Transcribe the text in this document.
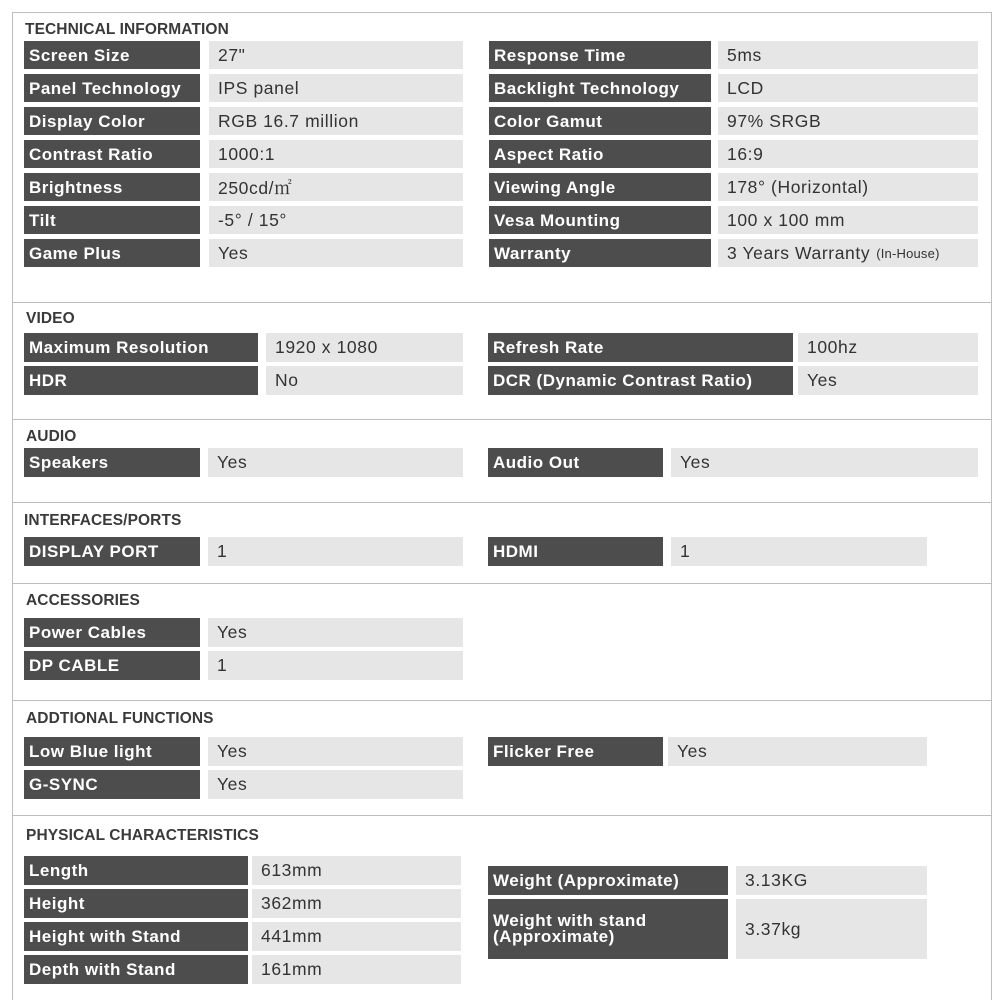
TECHNICAL INFORMATION
Screen Size	27"
Panel Technology	IPS panel
Display Color	RGB 16.7 million
Contrast Ratio	1000:1
Brightness	250cd/㎡
Tilt	-5° / 15°
Game Plus	Yes
Response Time	5ms
Backlight Technology	LCD
Color Gamut	97% SRGB
Aspect Ratio	16:9
Viewing Angle	178° (Horizontal)
Vesa Mounting	100 x 100 mm
Warranty	3 Years Warranty (In-House)
VIDEO
Maximum Resolution	1920 x 1080
HDR	No
Refresh Rate	100hz
DCR (Dynamic Contrast Ratio)	Yes
AUDIO
Speakers	Yes	Audio Out	Yes
INTERFACES/PORTS
DISPLAY PORT	1	HDMI	1
ACCESSORIES
Power Cables	Yes
DP CABLE	1
ADDTIONAL FUNCTIONS
Low Blue light	Yes
G-SYNC	Yes
Flicker Free	Yes
PHYSICAL CHARACTERISTICS
Length	613mm
Height	362mm
Height with Stand	441mm
Depth with Stand	161mm
Weight (Approximate)	3.13KG
Weight with stand (Approximate)	3.37kg
